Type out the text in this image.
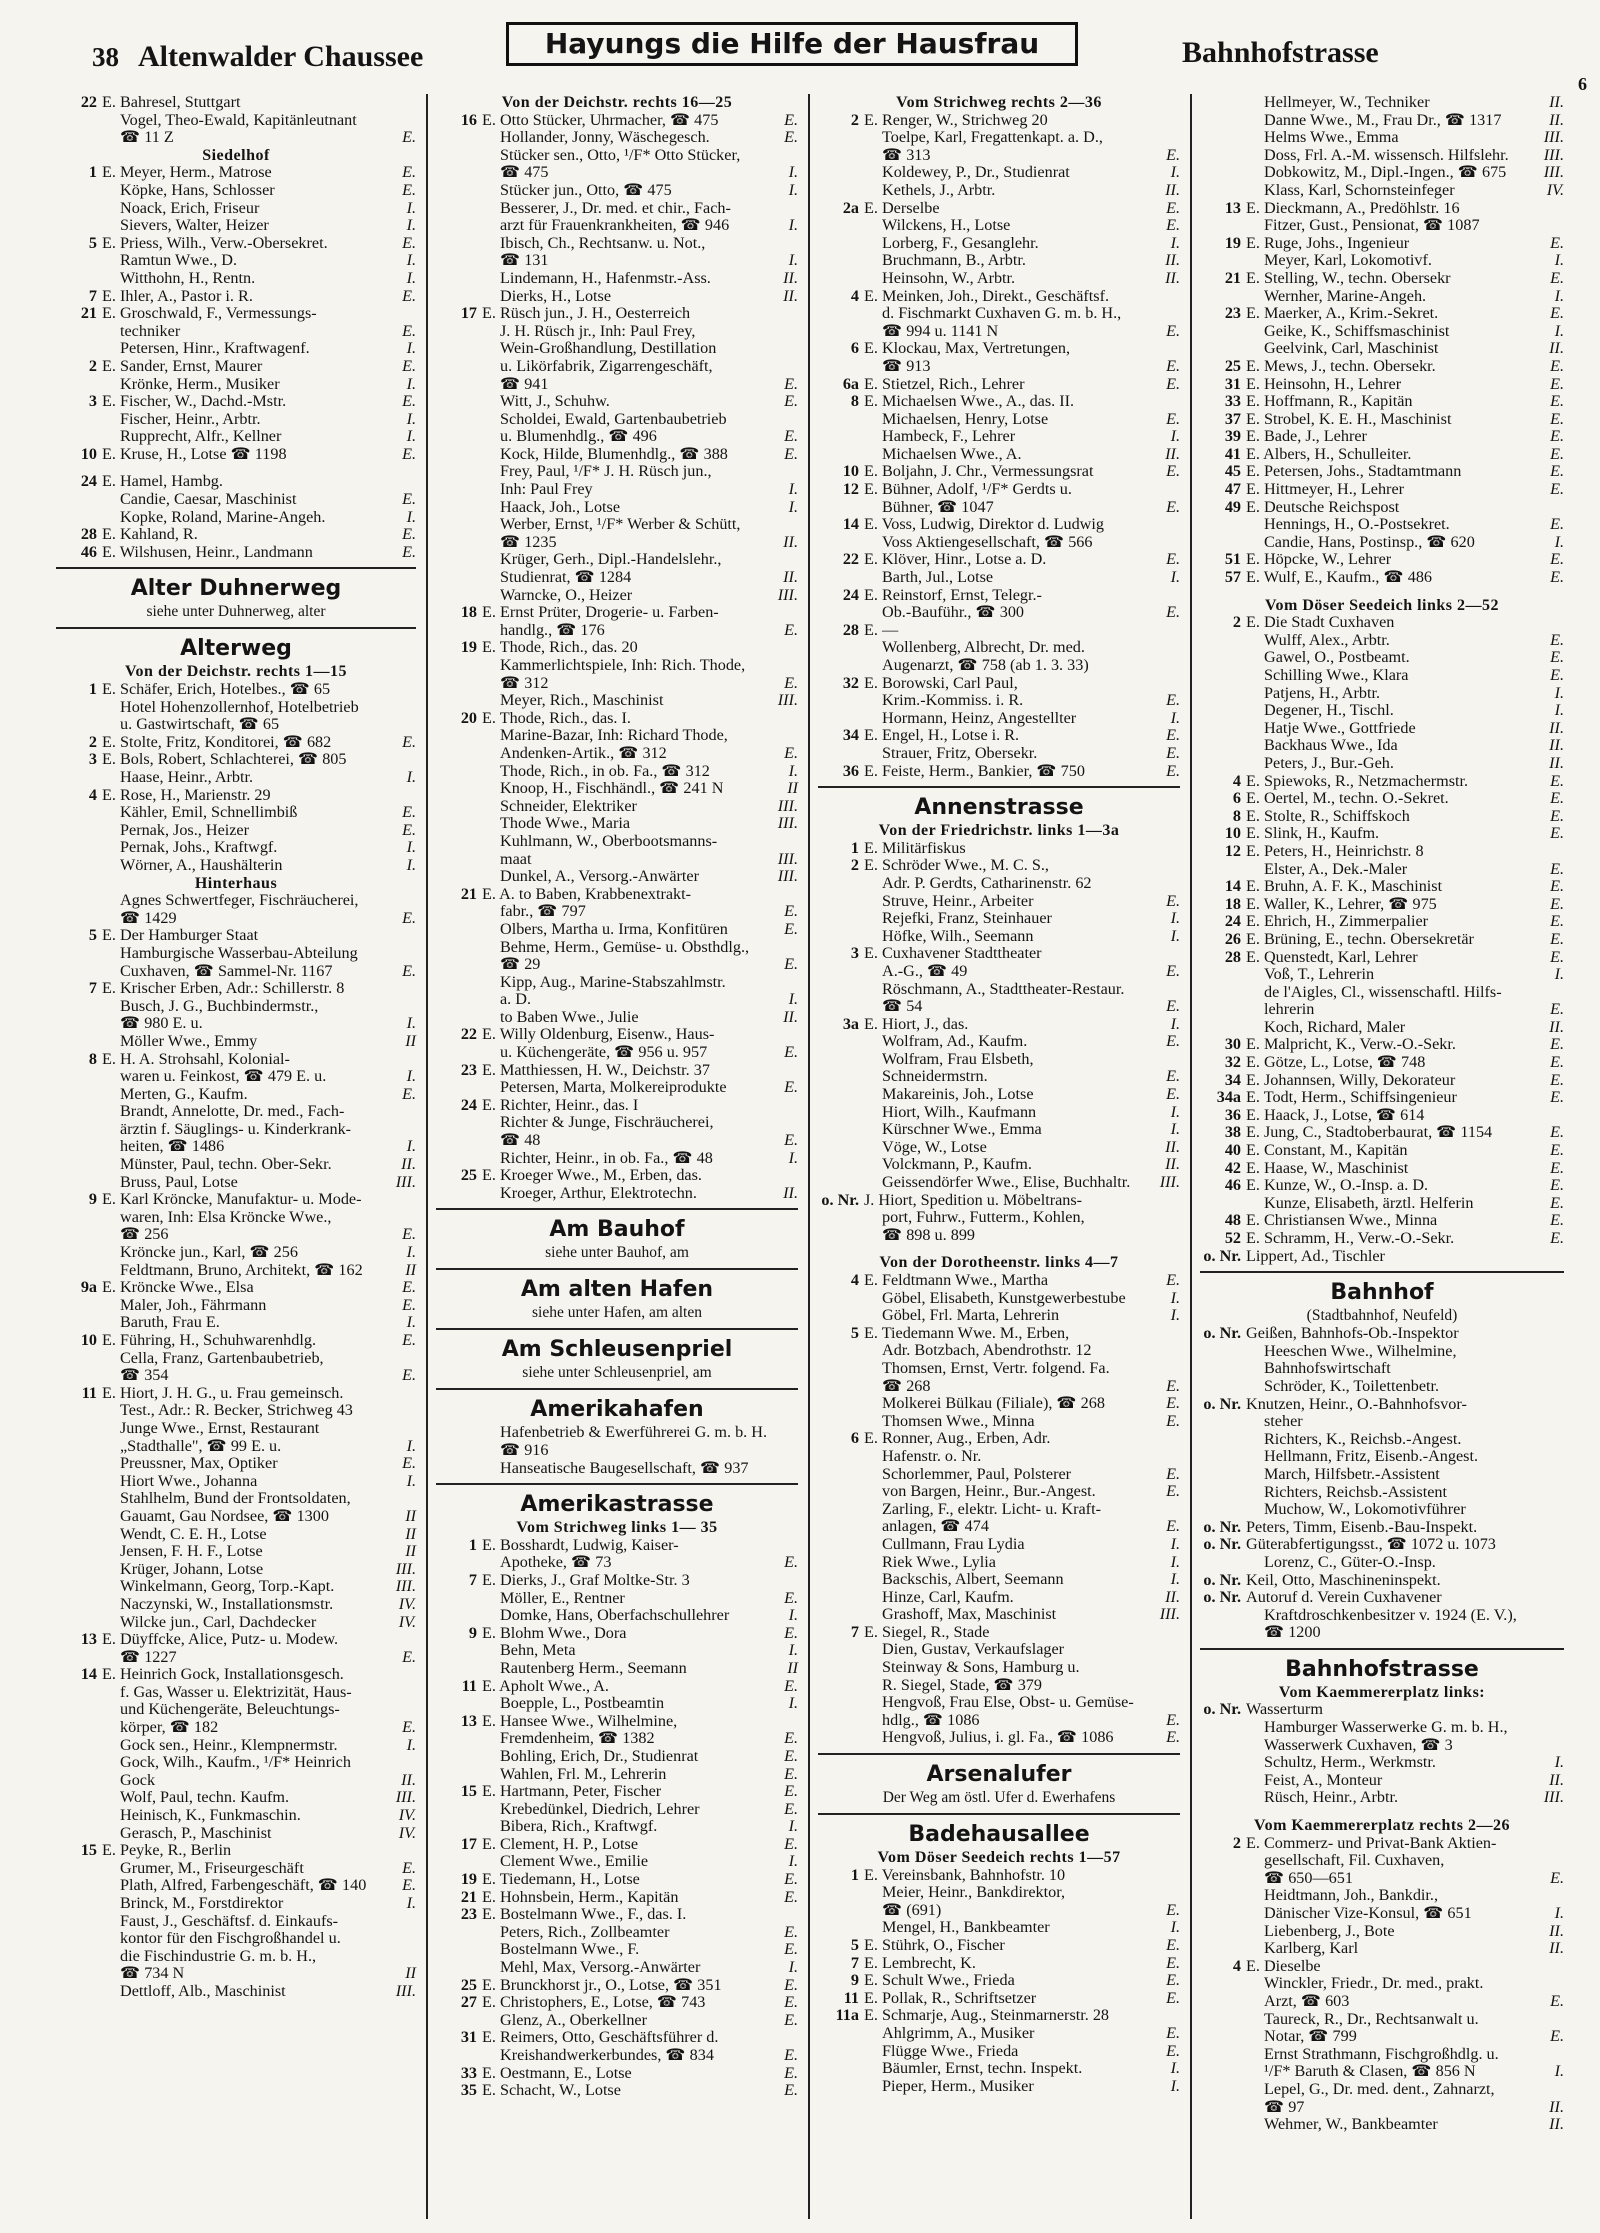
38 Altenwalder Chaussee	Hayungs die Hilfe der Hausfrau	Bahnhofstrasse
6
22 E. Bahresel, Stuttgart
Vogel, Theo-Ewald, Kapitänleutnant
☎ 11 Z	E.
Siedelhof
1 E. Meyer, Herm., Matrose	E.
Köpke, Hans, Schlosser	E.
Noack, Erich, Friseur	I.
Sievers, Walter, Heizer	I.
5 E. Priess, Wilh., Verw.-Obersekret.	E.
Ramtun Wwe., D.	I.
Witthohn, H., Rentn.	I.
7 E. Ihler, A., Pastor i. R.	E.
21 E. Groschwald, F., Vermessungs-
techniker	E.
Petersen, Hinr., Kraftwagenf.	I.
2 E. Sander, Ernst, Maurer	E.
Krönke, Herm., Musiker	I.
3 E. Fischer, W., Dachd.-Mstr.	E.
Fischer, Heinr., Arbtr.	I.
Rupprecht, Alfr., Kellner	I.
10 E. Kruse, H., Lotse ☎ 1198	E.
24 E. Hamel, Hambg.
Candie, Caesar, Maschinist	E.
Kopke, Roland, Marine-Angeh.	I.
28 E. Kahland, R.	E.
46 E. Wilshusen, Heinr., Landmann	E.
Alter Duhnerweg
siehe unter Duhnerweg, alter
Alterweg
Von der Deichstr. rechts 1—15
1 E. Schäfer, Erich, Hotelbes., ☎ 65
Hotel Hohenzollernhof, Hotelbetrieb
u. Gastwirtschaft, ☎ 65
2 E. Stolte, Fritz, Konditorei, ☎ 682	E.
3 E. Bols, Robert, Schlachterei, ☎ 805
Haase, Heinr., Arbtr.	I.
4 E. Rose, H., Marienstr. 29
Kähler, Emil, Schnellimbiß	E.
Pernak, Jos., Heizer	E.
Pernak, Johs., Kraftwgf.	I.
Wörner, A., Haushälterin	I.
Hinterhaus
Agnes Schwertfeger, Fischräucherei,
☎ 1429	E.
5 E. Der Hamburger Staat
Hamburgische Wasserbau-Abteilung
Cuxhaven, ☎ Sammel-Nr. 1167	E.
7 E. Krischer Erben, Adr.: Schillerstr. 8
Busch, J. G., Buchbindermstr.,
☎ 980 E. u.	I.
Möller Wwe., Emmy	II
8 E. H. A. Strohsahl, Kolonial-
waren u. Feinkost, ☎ 479 E. u.	I.
Merten, G., Kaufm.	E.
Brandt, Annelotte, Dr. med., Fach-
ärztin f. Säuglings- u. Kinderkrank-
heiten, ☎ 1486	I.
Münster, Paul, techn. Ober-Sekr.	II.
Bruss, Paul, Lotse	III.
9 E. Karl Kröncke, Manufaktur- u. Mode-
waren, Inh: Elsa Kröncke Wwe.,
☎ 256	E.
Kröncke jun., Karl, ☎ 256	I.
Feldtmann, Bruno, Architekt, ☎ 162	II
9a E. Kröncke Wwe., Elsa	E.
Maler, Joh., Fährmann	E.
Baruth, Frau E.	I.
10 E. Führing, H., Schuhwarenhdlg.	E.
Cella, Franz, Gartenbaubetrieb,
☎ 354	E.
11 E. Hiort, J. H. G., u. Frau gemeinsch.
Test., Adr.: R. Becker, Strichweg 43
Junge Wwe., Ernst, Restaurant
„Stadthalle", ☎ 99 E. u.	I.
Preussner, Max, Optiker	E.
Hiort Wwe., Johanna	I.
Stahlhelm, Bund der Frontsoldaten,
Gauamt, Gau Nordsee, ☎ 1300	II
Wendt, C. E. H., Lotse	II
Jensen, F. H. F., Lotse	II
Krüger, Johann, Lotse	III.
Winkelmann, Georg, Torp.-Kapt.	III.
Naczynski, W., Installationsmstr.	IV.
Wilcke jun., Carl, Dachdecker	IV.
13 E. Düyffcke, Alice, Putz- u. Modew.
☎ 1227	E.
14 E. Heinrich Gock, Installationsgesch.
f. Gas, Wasser u. Elektrizität, Haus-
und Küchengeräte, Beleuchtungs-
körper, ☎ 182	E.
Gock sen., Heinr., Klempnermstr.	I.
Gock, Wilh., Kaufm., ¹/F* Heinrich
Gock	II.
Wolf, Paul, techn. Kaufm.	III.
Heinisch, K., Funkmaschin.	IV.
Gerasch, P., Maschinist	IV.
15 E. Peyke, R., Berlin
Grumer, M., Friseurgeschäft	E.
Plath, Alfred, Farbengeschäft, ☎ 140	E.
Brinck, M., Forstdirektor	I.
Faust, J., Geschäftsf. d. Einkaufs-
kontor für den Fischgroßhandel u.
die Fischindustrie G. m. b. H.,
☎ 734 N	II
Dettloff, Alb., Maschinist	III.
Von der Deichstr. rechts 16—25
16 E. Otto Stücker, Uhrmacher, ☎ 475	E.
Hollander, Jonny, Wäschegesch.	E.
Stücker sen., Otto, ¹/F* Otto Stücker,
☎ 475	I.
Stücker jun., Otto, ☎ 475	I.
Besserer, J., Dr. med. et chir., Fach-
arzt für Frauenkrankheiten, ☎ 946	I.
Ibisch, Ch., Rechtsanw. u. Not.,
☎ 131	I.
Lindemann, H., Hafenmstr.-Ass.	II.
Dierks, H., Lotse	II.
17 E. Rüsch jun., J. H., Oesterreich
J. H. Rüsch jr., Inh: Paul Frey,
Wein-Großhandlung, Destillation
u. Likörfabrik, Zigarrengeschäft,
☎ 941	E.
Witt, J., Schuhw.	E.
Scholdei, Ewald, Gartenbaubetrieb
u. Blumenhdlg., ☎ 496	E.
Kock, Hilde, Blumenhdlg., ☎ 388	E.
Frey, Paul, ¹/F* J. H. Rüsch jun.,
Inh: Paul Frey	I.
Haack, Joh., Lotse	I.
Werber, Ernst, ¹/F* Werber & Schütt,
☎ 1235	II.
Krüger, Gerh., Dipl.-Handelslehr.,
Studienrat, ☎ 1284	II.
Warncke, O., Heizer	III.
18 E. Ernst Prüter, Drogerie- u. Farben-
handlg., ☎ 176	E.
19 E. Thode, Rich., das. 20
Kammerlichtspiele, Inh: Rich. Thode,
☎ 312	E.
Meyer, Rich., Maschinist	III.
20 E. Thode, Rich., das. I.
Marine-Bazar, Inh: Richard Thode,
Andenken-Artik., ☎ 312	E.
Thode, Rich., in ob. Fa., ☎ 312	I.
Knoop, H., Fischhändl., ☎ 241 N	II
Schneider, Elektriker	III.
Thode Wwe., Maria	III.
Kuhlmann, W., Oberbootsmanns-
maat	III.
Dunkel, A., Versorg.-Anwärter	III.
21 E. A. to Baben, Krabbenextrakt-
fabr., ☎ 797	E.
Olbers, Martha u. Irma, Konfitüren	E.
Behme, Herm., Gemüse- u. Obsthdlg.,
☎ 29	E.
Kipp, Aug., Marine-Stabszahlmstr.
a. D.	I.
to Baben Wwe., Julie	II.
22 E. Willy Oldenburg, Eisenw., Haus-
u. Küchengeräte, ☎ 956 u. 957	E.
23 E. Matthiessen, H. W., Deichstr. 37
Petersen, Marta, Molkereiprodukte	E.
24 E. Richter, Heinr., das. I
Richter & Junge, Fischräucherei,
☎ 48	E.
Richter, Heinr., in ob. Fa., ☎ 48	I.
25 E. Kroeger Wwe., M., Erben, das.
Kroeger, Arthur, Elektrotechn.	II.
Am Bauhof
siehe unter Bauhof, am
Am alten Hafen
siehe unter Hafen, am alten
Am Schleusenpriel
siehe unter Schleusenpriel, am
Amerikahafen
Hafenbetrieb & Ewerführerei G. m. b. H.
☎ 916
Hanseatische Baugesellschaft, ☎ 937
Amerikastrasse
Vom Strichweg links 1— 35
1 E. Bosshardt, Ludwig, Kaiser-
Apotheke, ☎ 73	E.
7 E. Dierks, J., Graf Moltke-Str. 3
Möller, E., Rentner	E.
Domke, Hans, Oberfachschullehrer	I.
9 E. Blohm Wwe., Dora	E.
Behn, Meta	I.
Rautenberg Herm., Seemann	II
11 E. Apholt Wwe., A.	E.
Boepple, L., Postbeamtin	I.
13 E. Hansee Wwe., Wilhelmine,
Fremdenheim, ☎ 1382	E.
Bohling, Erich, Dr., Studienrat	E.
Wahlen, Frl. M., Lehrerin	E.
15 E. Hartmann, Peter, Fischer	E.
Krebedünkel, Diedrich, Lehrer	E.
Bibera, Rich., Kraftwgf.	I.
17 E. Clement, H. P., Lotse	E.
Clement Wwe., Emilie	I.
19 E. Tiedemann, H., Lotse	E.
21 E. Hohnsbein, Herm., Kapitän	E.
23 E. Bostelmann Wwe., F., das. I.
Peters, Rich., Zollbeamter	E.
Bostelmann Wwe., F.	E.
Mehl, Max, Versorg.-Anwärter	I.
25 E. Brunckhorst jr., O., Lotse, ☎ 351	E.
27 E. Christophers, E., Lotse, ☎ 743	E.
Glenz, A., Oberkellner	E.
31 E. Reimers, Otto, Geschäftsführer d.
Kreishandwerkerbundes, ☎ 834	E.
33 E. Oestmann, E., Lotse	E.
35 E. Schacht, W., Lotse	E.
Vom Strichweg rechts 2—36
2 E. Renger, W., Strichweg 20
Toelpe, Karl, Fregattenkapt. a. D.,
☎ 313	E.
Koldewey, P., Dr., Studienrat	I.
Kethels, J., Arbtr.	II.
2a E. Derselbe	E.
Wilckens, H., Lotse	E.
Lorberg, F., Gesanglehr.	I.
Bruchmann, B., Arbtr.	II.
Heinsohn, W., Arbtr.	II.
4 E. Meinken, Joh., Direkt., Geschäftsf.
d. Fischmarkt Cuxhaven G. m. b. H.,
☎ 994 u. 1141 N	E.
6 E. Klockau, Max, Vertretungen,
☎ 913	E.
6a E. Stietzel, Rich., Lehrer	E.
8 E. Michaelsen Wwe., A., das. II.
Michaelsen, Henry, Lotse	E.
Hambeck, F., Lehrer	I.
Michaelsen Wwe., A.	II.
10 E. Boljahn, J. Chr., Vermessungsrat	E.
12 E. Bühner, Adolf, ¹/F* Gerdts u.
Bühner, ☎ 1047	E.
14 E. Voss, Ludwig, Direktor d. Ludwig
Voss Aktiengesellschaft, ☎ 566
22 E. Klöver, Hinr., Lotse a. D.	E.
Barth, Jul., Lotse	I.
24 E. Reinstorf, Ernst, Telegr.-
Ob.-Bauführ., ☎ 300	E.
28 E. —
Wollenberg, Albrecht, Dr. med.
Augenarzt, ☎ 758 (ab 1. 3. 33)
32 E. Borowski, Carl Paul,
Krim.-Kommiss. i. R.	E.
Hormann, Heinz, Angestellter	I.
34 E. Engel, H., Lotse i. R.	E.
Strauer, Fritz, Obersekr.	E.
36 E. Feiste, Herm., Bankier, ☎ 750	E.
Annenstrasse
Von der Friedrichstr. links 1—3a
1 E. Militärfiskus
2 E. Schröder Wwe., M. C. S.,
Adr. P. Gerdts, Catharinenstr. 62
Struve, Heinr., Arbeiter	E.
Rejefki, Franz, Steinhauer	I.
Höfke, Wilh., Seemann	I.
3 E. Cuxhavener Stadttheater
A.-G., ☎ 49	E.
Röschmann, A., Stadttheater-Restaur.
☎ 54	E.
3a E. Hiort, J., das.	I.
Wolfram, Ad., Kaufm.	E.
Wolfram, Frau Elsbeth,
Schneidermstrn.	E.
Makareinis, Joh., Lotse	E.
Hiort, Wilh., Kaufmann	I.
Kürschner Wwe., Emma	I.
Vöge, W., Lotse	II.
Volckmann, P., Kaufm.	II.
Geissendörfer Wwe., Elise, Buchhaltr.	III.
o. Nr. J. Hiort, Spedition u. Möbeltrans-
port, Fuhrw., Futterm., Kohlen,
☎ 898 u. 899
Von der Dorotheenstr. links 4—7
4 E. Feldtmann Wwe., Martha	E.
Göbel, Elisabeth, Kunstgewerbestube	I.
Göbel, Frl. Marta, Lehrerin	I.
5 E. Tiedemann Wwe. M., Erben,
Adr. Botzbach, Abendrothstr. 12
Thomsen, Ernst, Vertr. folgend. Fa.
☎ 268	E.
Molkerei Bülkau (Filiale), ☎ 268	E.
Thomsen Wwe., Minna	E.
6 E. Ronner, Aug., Erben, Adr.
Hafenstr. o. Nr.
Schorlemmer, Paul, Polsterer	E.
von Bargen, Heinr., Bur.-Angest.	E.
Zarling, F., elektr. Licht- u. Kraft-
anlagen, ☎ 474	E.
Cullmann, Frau Lydia	I.
Riek Wwe., Lylia	I.
Backschis, Albert, Seemann	I.
Hinze, Carl, Kaufm.	II.
Grashoff, Max, Maschinist	III.
7 E. Siegel, R., Stade
Dien, Gustav, Verkaufslager
Steinway & Sons, Hamburg u.
R. Siegel, Stade, ☎ 379
Hengvoß, Frau Else, Obst- u. Gemüse-
hdlg., ☎ 1086	E.
Hengvoß, Julius, i. gl. Fa., ☎ 1086	E.
Arsenalufer
Der Weg am östl. Ufer d. Ewerhafens
Badehausallee
Vom Döser Seedeich rechts 1—57
1 E. Vereinsbank, Bahnhofstr. 10
Meier, Heinr., Bankdirektor,
☎ (691)	E.
Mengel, H., Bankbeamter	I.
5 E. Stührk, O., Fischer	E.
7 E. Lembrecht, K.	E.
9 E. Schult Wwe., Frieda	E.
11 E. Pollak, R., Schriftsetzer	E.
11a E. Schmarje, Aug., Steinmarnerstr. 28
Ahlgrimm, A., Musiker	E.
Flügge Wwe., Frieda	E.
Bäumler, Ernst, techn. Inspekt.	I.
Pieper, Herm., Musiker	I.
Hellmeyer, W., Techniker	II.
Danne Wwe., M., Frau Dr., ☎ 1317	II.
Helms Wwe., Emma	III.
Doss, Frl. A.-M. wissensch. Hilfslehr.	III.
Dobkowitz, M., Dipl.-Ingen., ☎ 675	III.
Klass, Karl, Schornsteinfeger	IV.
13 E. Dieckmann, A., Predöhlstr. 16
Fitzer, Gust., Pensionat, ☎ 1087
19 E. Ruge, Johs., Ingenieur	E.
Meyer, Karl, Lokomotivf.	I.
21 E. Stelling, W., techn. Obersekr	E.
Wernher, Marine-Angeh.	I.
23 E. Maerker, A., Krim.-Sekret.	E.
Geike, K., Schiffsmaschinist	I.
Geelvink, Carl, Maschinist	II.
25 E. Mews, J., techn. Obersekr.	E.
31 E. Heinsohn, H., Lehrer	E.
33 E. Hoffmann, R., Kapitän	E.
37 E. Strobel, K. E. H., Maschinist	E.
39 E. Bade, J., Lehrer	E.
41 E. Albers, H., Schulleiter.	E.
45 E. Petersen, Johs., Stadtamtmann	E.
47 E. Hittmeyer, H., Lehrer	E.
49 E. Deutsche Reichspost
Hennings, H., O.-Postsekret.	E.
Candie, Hans, Postinsp., ☎ 620	I.
51 E. Höpcke, W., Lehrer	E.
57 E. Wulf, E., Kaufm., ☎ 486	E.
Vom Döser Seedeich links 2—52
2 E. Die Stadt Cuxhaven
Wulff, Alex., Arbtr.	E.
Gawel, O., Postbeamt.	E.
Schilling Wwe., Klara	E.
Patjens, H., Arbtr.	I.
Degener, H., Tischl.	I.
Hatje Wwe., Gottfriede	II.
Backhaus Wwe., Ida	II.
Peters, J., Bur.-Geh.	II.
4 E. Spiewoks, R., Netzmachermstr.	E.
6 E. Oertel, M., techn. O.-Sekret.	E.
8 E. Stolte, R., Schiffskoch	E.
10 E. Slink, H., Kaufm.	E.
12 E. Peters, H., Heinrichstr. 8
Elster, A., Dek.-Maler	E.
14 E. Bruhn, A. F. K., Maschinist	E.
18 E. Waller, K., Lehrer, ☎ 975	E.
24 E. Ehrich, H., Zimmerpalier	E.
26 E. Brüning, E., techn. Obersekretär	E.
28 E. Quenstedt, Karl, Lehrer	E.
Voß, T., Lehrerin	I.
de l'Aigles, Cl., wissenschaftl. Hilfs-
lehrerin	E.
Koch, Richard, Maler	II.
30 E. Malpricht, K., Verw.-O.-Sekr.	E.
32 E. Götze, L., Lotse, ☎ 748	E.
34 E. Johannsen, Willy, Dekorateur	E.
34a E. Todt, Herm., Schiffsingenieur	E.
36 E. Haack, J., Lotse, ☎ 614
38 E. Jung, C., Stadtoberbaurat, ☎ 1154	E.
40 E. Constant, M., Kapitän	E.
42 E. Haase, W., Maschinist	E.
46 E. Kunze, W., O.-Insp. a. D.	E.
Kunze, Elisabeth, ärztl. Helferin	E.
48 E. Christiansen Wwe., Minna	E.
52 E. Schramm, H., Verw.-O.-Sekr.	E.
o. Nr. Lippert, Ad., Tischler
Bahnhof
(Stadtbahnhof, Neufeld)
o. Nr. Geißen, Bahnhofs-Ob.-Inspektor
Heeschen Wwe., Wilhelmine,
Bahnhofswirtschaft
Schröder, K., Toilettenbetr.
o. Nr. Knutzen, Heinr., O.-Bahnhofsvor-
steher
Richters, K., Reichsb.-Angest.
Hellmann, Fritz, Eisenb.-Angest.
March, Hilfsbetr.-Assistent
Richters, Reichsb.-Assistent
Muchow, W., Lokomotivführer
o. Nr. Peters, Timm, Eisenb.-Bau-Inspekt.
o. Nr. Güterabfertigungsst., ☎ 1072 u. 1073
Lorenz, C., Güter-O.-Insp.
o. Nr. Keil, Otto, Maschineninspekt.
o. Nr. Autoruf d. Verein Cuxhavener
Kraftdroschkenbesitzer v. 1924 (E. V.),
☎ 1200
Bahnhofstrasse
Vom Kaemmererplatz links:
o. Nr. Wasserturm
Hamburger Wasserwerke G. m. b. H.,
Wasserwerk Cuxhaven, ☎ 3
Schultz, Herm., Werkmstr.	I.
Feist, A., Monteur	II.
Rüsch, Heinr., Arbtr.	III.
Vom Kaemmererplatz rechts 2—26
2 E. Commerz- und Privat-Bank Aktien-
gesellschaft, Fil. Cuxhaven,
☎ 650—651	E.
Heidtmann, Joh., Bankdir.,
Dänischer Vize-Konsul, ☎ 651	I.
Liebenberg, J., Bote	II.
Karlberg, Karl	II.
4 E. Dieselbe
Winckler, Friedr., Dr. med., prakt.
Arzt, ☎ 603	E.
Taureck, R., Dr., Rechtsanwalt u.
Notar, ☎ 799	E.
Ernst Strathmann, Fischgroßhdlg. u.
¹/F* Baruth & Clasen, ☎ 856 N	I.
Lepel, G., Dr. med. dent., Zahnarzt,
☎ 97	II.
Wehmer, W., Bankbeamter	II.
